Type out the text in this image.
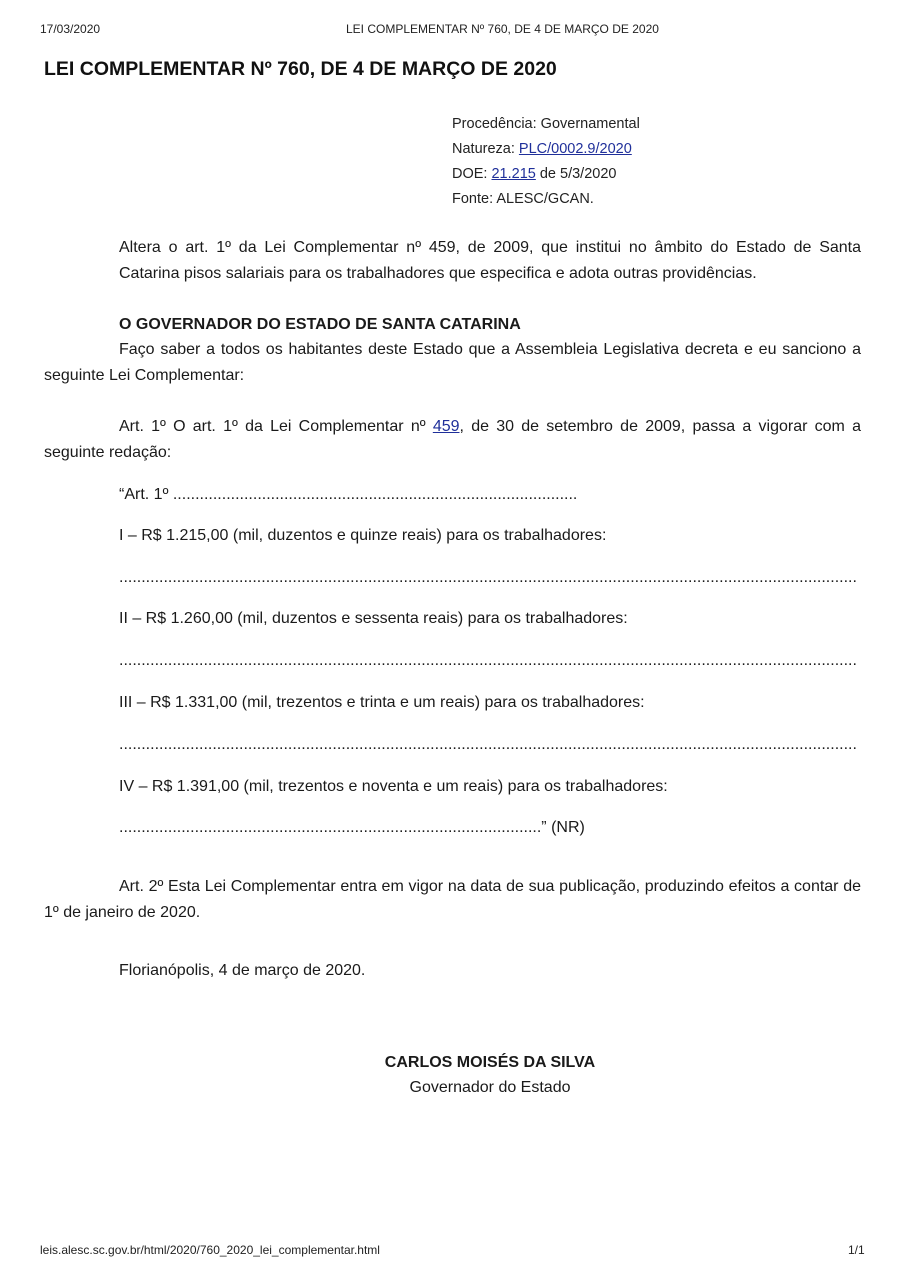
17/03/2020	LEI COMPLEMENTAR Nº 760, DE 4 DE MARÇO DE 2020
LEI COMPLEMENTAR Nº 760, DE 4 DE MARÇO DE 2020
Procedência: Governamental
Natureza: PLC/0002.9/2020
DOE: 21.215 de 5/3/2020
Fonte: ALESC/GCAN.
Altera o art. 1º da Lei Complementar nº 459, de 2009, que institui no âmbito do Estado de Santa Catarina pisos salariais para os trabalhadores que especifica e adota outras providências.
O GOVERNADOR DO ESTADO DE SANTA CATARINA
Faço saber a todos os habitantes deste Estado que a Assembleia Legislativa decreta e eu sanciono a seguinte Lei Complementar:
Art. 1º O art. 1º da Lei Complementar nº 459, de 30 de setembro de 2009, passa a vigorar com a seguinte redação:
“Art. 1º ...........................................................................................
I – R$ 1.215,00 (mil, duzentos e quinze reais) para os trabalhadores:
......................................................................................................................................................................
II – R$ 1.260,00 (mil, duzentos e sessenta reais) para os trabalhadores:
......................................................................................................................................................................
III – R$ 1.331,00 (mil, trezentos e trinta e um reais) para os trabalhadores:
......................................................................................................................................................................
IV – R$ 1.391,00 (mil, trezentos e noventa e um reais) para os trabalhadores:
...............................................................................................” (NR)
Art. 2º Esta Lei Complementar entra em vigor na data de sua publicação, produzindo efeitos a contar de 1º de janeiro de 2020.
Florianópolis, 4 de março de 2020.
CARLOS MOISÉS DA SILVA
Governador do Estado
leis.alesc.sc.gov.br/html/2020/760_2020_lei_complementar.html	1/1
